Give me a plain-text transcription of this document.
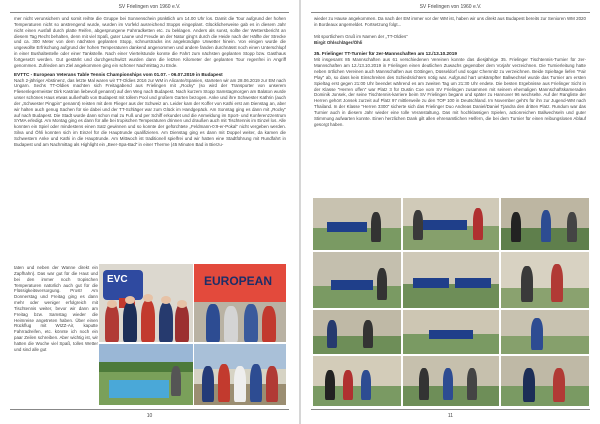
SV Frielingen von 1960 e.V.

mer nicht verunsichern und somit reihte die Gruppe bei Sonnenschein pünktlich um 14.00 Uhr los. Damit die Tour aufgrund der hohen Temperaturen nicht so anstrengend wurde, wurden im Vorfeld ausreichend Stopps eingeplant. Glücklicherweise gab es in diesem Jahr nicht einen Ausfall durch platte Reifen, abgesprungene Fahrradketten etc. zu beklagen. Anders als sonst, sollte der Wettersbericht an diesem Tag Recht behalten, denn mit viel Spaß, guter Laune und Freude an der Natur ging's durch die Heide nach der Hälfte der Strecke und ca. 300 Meter von dem nächsten geplanten Stopp, schnurstracks ins angekündigte Unwetter hinein. Von einigen wurde die ungewollte Erfrischung aufgrund der hohen Temperaturen dankend angenommen und andere fanden durchnässt noch einen Unterschlupf in einer Bushaltestelle oder einer Tankstelle. Nach einer Viertelstunde konnte die Fahrt zum nächsten geplanten Stopp bzw. Gasthaus fortgesetzt werden. Gut gestärkt und durchgeschwitzt wurden dann die letzten Kilometer der geplanten Tour regenfrei in Angriff genommen. Zufrieden am Ziel angekommen ging ein schöner Nachmittag zu Ende.

EVTTC - European Veterans Table Tennis Championships vom 01.07. - 06.07.2019 in Budapest

Nach 2-jähriger Abstinenz, das letzte Mal waren wir TT-Oldies 2016 zur WM in Alicante/Spanien, starteten wir am 28.06.2019 zur EM nach Ungarn. Sechs TT-Oldies machten sich Freitagabend aus Frielingen mit „Rocky“ (so wird der Transporter von unserem Fliesenlegermeister Dirk Kastrian liebevoll genannt) auf den Weg nach Budapest. Nach kurzem Stopp Samstagmorgen am Balaton wurde unser schönes Haus etwas außerhalb von Budapest mit tollem Pool und großem Garten bezogen. Anke und ihre Schwester Kathrin (auch der „Schwester Pingpin“ genannt) reisten mit dem Flieger aus der Schweiz an. Leider kam der Koffer von Kathi erst am Dienstag an, aber wir halten auch genug Sachen für sie dabei und der TT-Schläger war zum Glück im Handgepäck. Am Sonntag ging es dann mit „Rocky“ auf nach Budapest. Die Stadt wurde dann schon mal zu Fuß und per Schiff erkundet und die Anmeldung im Sport- und Konferenzzentrum SYMA erledigt. Am Montag ging es dann für alle bei tropischen Temperaturen drinnen und draußen auch mit Tischtennis im Einzel los. Alle konnten ein Spiel oder mindestens einen Satz gewinnen und so konnte der gefürchtete „Feldmann-0:9-er-Pokal“ nicht vergeben werden. Silva und Öhli konnten sich im Einzel für die Hauptrunde qualifizieren. Am Dienstag ging es dann mit Doppel weiter, da kamen die Schwestern Anke und Kathi in die Hauptrunde. Am Mittwoch ist traditionell spielfrei und wir hatten eine Stadtführung mit Rundfahrt in Budapest und am Nachmittag als Highlight ein „Beer-Spa-Bad“ in einer Therme (45 Minuten Bad in Bierzu-

taten und neben der Wanne direkt ein Zapfhahn). Das war gut für die Haut und bei den immer noch tropischen Temperaturen natürlich auch gut für die Flüssigkeitsversorgung. Prost! Am Donnerstag und Freitag ging es dann mehr oder weniger erfolgreich mit Tischtennis weiter, bevor wir dann am Freitag bzw. Samstag wieder die Heimreise angetreten haben. Über einen Rückflug mit WIZZ-Air, kaputte Fahrradreifen, etc. könnte ich noch ein paar Zeilen schreiben. Aber wichtig ist, wir hatten die Woche viel Spaß, tolles Wetter und sind alle gut

EVC	EUROPEAN
10
SV Frielingen von 1960 e.V.

wieder zu Hause angekommen. Da nach der EM immer vor der WM ist, haben wir uns direkt aus Budapest bereits zur Senioren WM 2020 in Bordeaux angemeldet. Fortsetzung folgt...

Mit sportlichem Gruß im Namen der „TT-Oldies“

Birgit Ohlschläger/Öhli

35. Frielinger TT-Turnier für 2er-Mannschaften am 12./13.10.2019

Mit insgesamt 85 Mannschaften aus 61 verschiedenen Vereinen konnte das diesjährige 35. Frielinger Tischtennis-Turnier für 2er-Mannschaften am 12./13.10.2019 in Frielingen einen deutlichen Zuwachs gegenüber dem Vorjahr verzeichnen. Die Turnierleitung hatte neben örtlichen Vereinen auch Mannschaften aus Göttingen, Düsseldorf und sogar Chemnitz zu verzeichnen. Beide Spieltage liefen "Fair Play" ab, so dass kein Einschreiten des Schiedsrichters nötig war. Aufgrund hart umkämpfter Ballwechsel wurde das Turnier am ersten Spieltag erst gegen 21:00 Uhr beendet während es am zweiten Tag um 21:30 Uhr endete. Die besten Ergebnisse aus Frielinger Sicht in der Klasse "Herren offen" war Platz 3 für Dustin Coe vom SV Frielingen zusammen mit seinem ehemaligen Mannschaftskameraden Dominik Jonsek, der seine Tischtennis-karriere beim SV Frielingen begann und später zu Hannover 96 wechselte. Auf der Rangliste der Herren gehört Jonsek zurzeit auf Platz 97 mittlerweile zu den TOP 100 in Deutschland. Im November geht's für ihn zur Jugend-WM nach Thailand. In der Klasse "Herren 3300" sicherte sich das Frielinger Duo Andreas Daniel/Daniel Tjandra den dritten Platz. Rundum war das Turnier auch in diesem Jahr wieder eine tolle Veranstaltung. Das mit hochklassigen Spielen, actionreichen Ballwechseln und guter Stimmung aufwarten konnte. Einen herzlichen Dank gilt allen ehrenamtlichen Helfern, die bei dem Turnier für einen reibungslosen Ablauf gesorgt haben.

11
